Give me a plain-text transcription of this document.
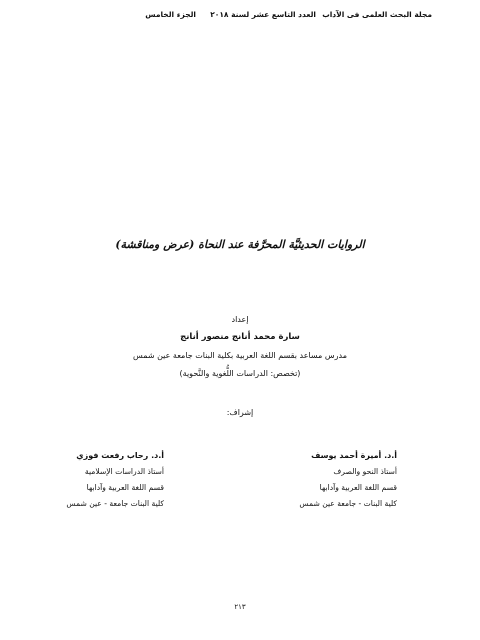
مجلة البحث العلمى فى الآداب
العدد التاسع عشر لسنة ٢٠١٨
الجزء الخامس
الروايات الحديثيَّة المحرَّفة عند النحاة (عرض ومناقشة)
إعداد
سارة محمد أنانج منصور أنانج
مدرس مساعد بقسم اللغة العربية بكلية البنات جامعة عين شمس
(تخصص: الدراسات اللُّغوية والنَّحوية)
إشراف:
أ.د. أميرة أحمد يوسف
أستاذ النحو والصرف
قسم اللغة العربية وآدابها
كلية البنات - جامعة عين شمس
أ.د. رحاب رفعت فوزي
أستاذ الدراسات الإسلامية
قسم اللغة العربية وآدابها
كلية البنات جامعة - عين شمس
٢١٣
